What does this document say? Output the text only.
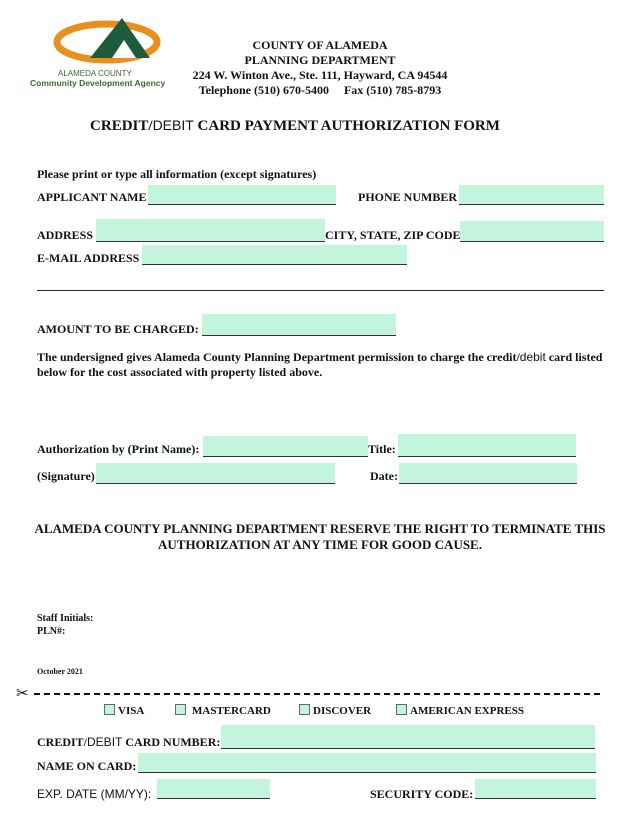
ALAMEDA COUNTY
Community Development Agency
COUNTY OF ALAMEDA
PLANNING DEPARTMENT
224 W. Winton Ave., Ste. 111, Hayward, CA 94544
Telephone (510) 670-5400 Fax (510) 785-8793
CREDIT/DEBIT CARD PAYMENT AUTHORIZATION FORM
Please print or type all information (except signatures)
APPLICANT NAME	PHONE NUMBER
ADDRESS	CITY, STATE, ZIP CODE
E-MAIL ADDRESS
AMOUNT TO BE CHARGED:
The undersigned gives Alameda County Planning Department permission to charge the credit/debit card listed below for the cost associated with property listed above.
Authorization by (Print Name):	Title:
(Signature)	Date:
ALAMEDA COUNTY PLANNING DEPARTMENT RESERVE THE RIGHT TO TERMINATE THIS
AUTHORIZATION AT ANY TIME FOR GOOD CAUSE.
Staff Initials:
PLN#:
October 2021
✂
VISA	MASTERCARD	DISCOVER	AMERICAN EXPRESS
CREDIT/DEBIT CARD NUMBER:
NAME ON CARD:
EXP. DATE (MM/YY):	SECURITY CODE:
